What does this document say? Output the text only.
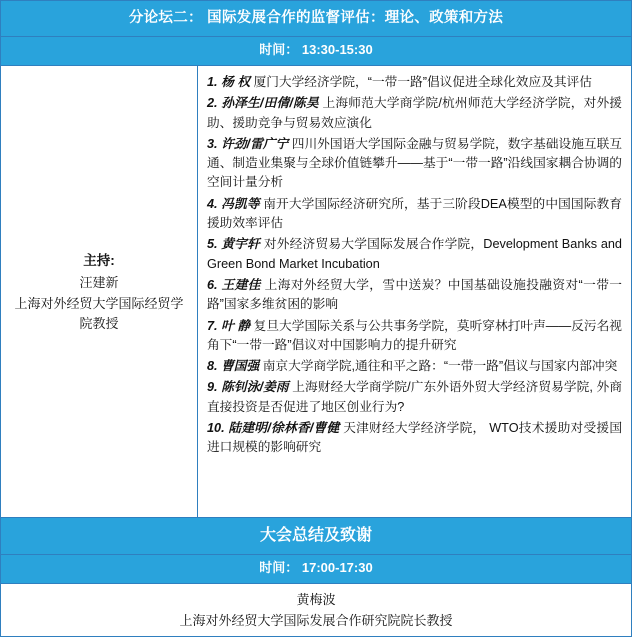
分论坛二： 国际发展合作的监督评估：理论、政策和方法
时间： 13:30-15:30
主持:
汪建新
上海对外经贸大学国际经贸学院教授

1. 杨 权 厦门大学经济学院，“一带一路”倡议促进全球化效应及其评估

2. 孙泽生/田倩/陈昊 上海师范大学商学院/杭州师范大学经济学院，对外援助、援助竞争与贸易效应演化

3. 许劲/雷广宁 四川外国语大学国际金融与贸易学院，数字基础设施互联互通、制造业集聚与全球价值链攀升——基于“一带一路”沿线国家耦合协调的空间计量分析

4. 冯凯等 南开大学国际经济研究所，基于三阶段DEA模型的中国国际教育援助效率评估

5. 黄宇轩 对外经济贸易大学国际发展合作学院，Development Banks and Green Bond Market Incubation

6. 王建佳 上海对外经贸大学，雪中送炭？中国基础设施投融资对“一带一路”国家多维贫困的影响

7. 叶 静 复旦大学国际关系与公共事务学院，莫听穿林打叶声——反污名视角下“一带一路”倡议对中国影响力的提升研究

8. 曹国强 南京大学商学院,通往和平之路：“一带一路”倡议与国家内部冲突

9. 陈钊泳/姜雨 上海财经大学商学院/广东外语外贸大学经济贸易学院, 外商直接投资是否促进了地区创业行为?

10. 陆建明/徐林香/曹健 天津财经大学经济学院， WTO技术援助对受援国进口规模的影响研究

大会总结及致谢
时间： 17:00-17:30
黄梅波
上海对外经贸大学国际发展合作研究院院长教授
